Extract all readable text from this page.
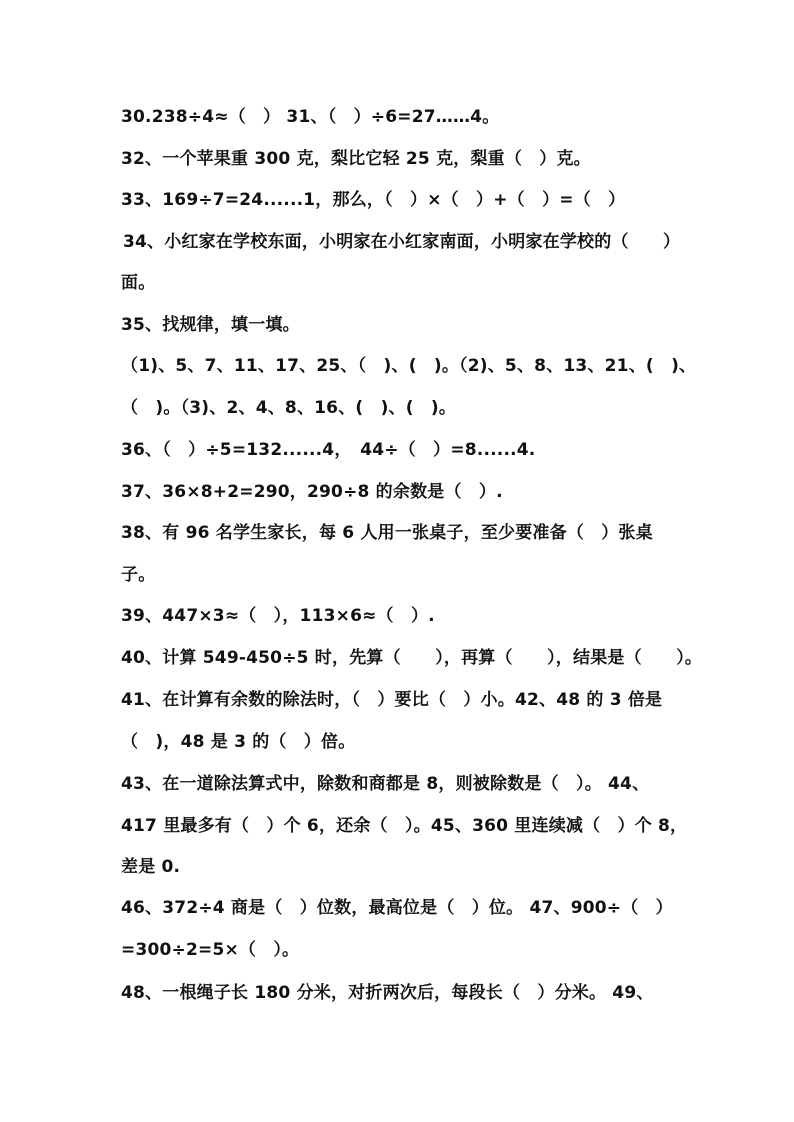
30.238÷4≈（　） 31、（　）÷6=27……4。
32、一个苹果重 300 克，梨比它轻 25 克，梨重（　）克。
33、169÷7=24......1，那么，（　）×（　）+（　）=（　）
34、小红家在学校东面，小明家在小红家南面，小明家在学校的（　　）
面。
35、找规律，填一填。
（1)、5、7、11、17、25、（　)、(　)。（2)、5、8、13、21、(　)、
（　)。（3)、2、4、8、16、(　)、(　)。
36、（　）÷5=132......4，　44÷（　）=8......4.
37、36×8+2=290，290÷8 的余数是（　）.
38、有 96 名学生家长，每 6 人用一张桌子，至少要准备（　）张桌
子。
39、447×3≈（　），113×6≈（　）.
40、计算 549-450÷5 时，先算（　　），再算（　　），结果是（　　）。
41、在计算有余数的除法时，（　）要比（　）小。42、48 的 3 倍是
（　)，48 是 3 的（　）倍。
43、在一道除法算式中，除数和商都是 8，则被除数是（　）。 44、
417 里最多有（　）个 6，还余（　）。45、360 里连续减（　）个 8，
差是 0.
46、372÷4 商是（　）位数，最高位是（　）位。 47、900÷（　）
=300÷2=5×（　）。
48、一根绳子长 180 分米，对折两次后，每段长（　）分米。 49、
